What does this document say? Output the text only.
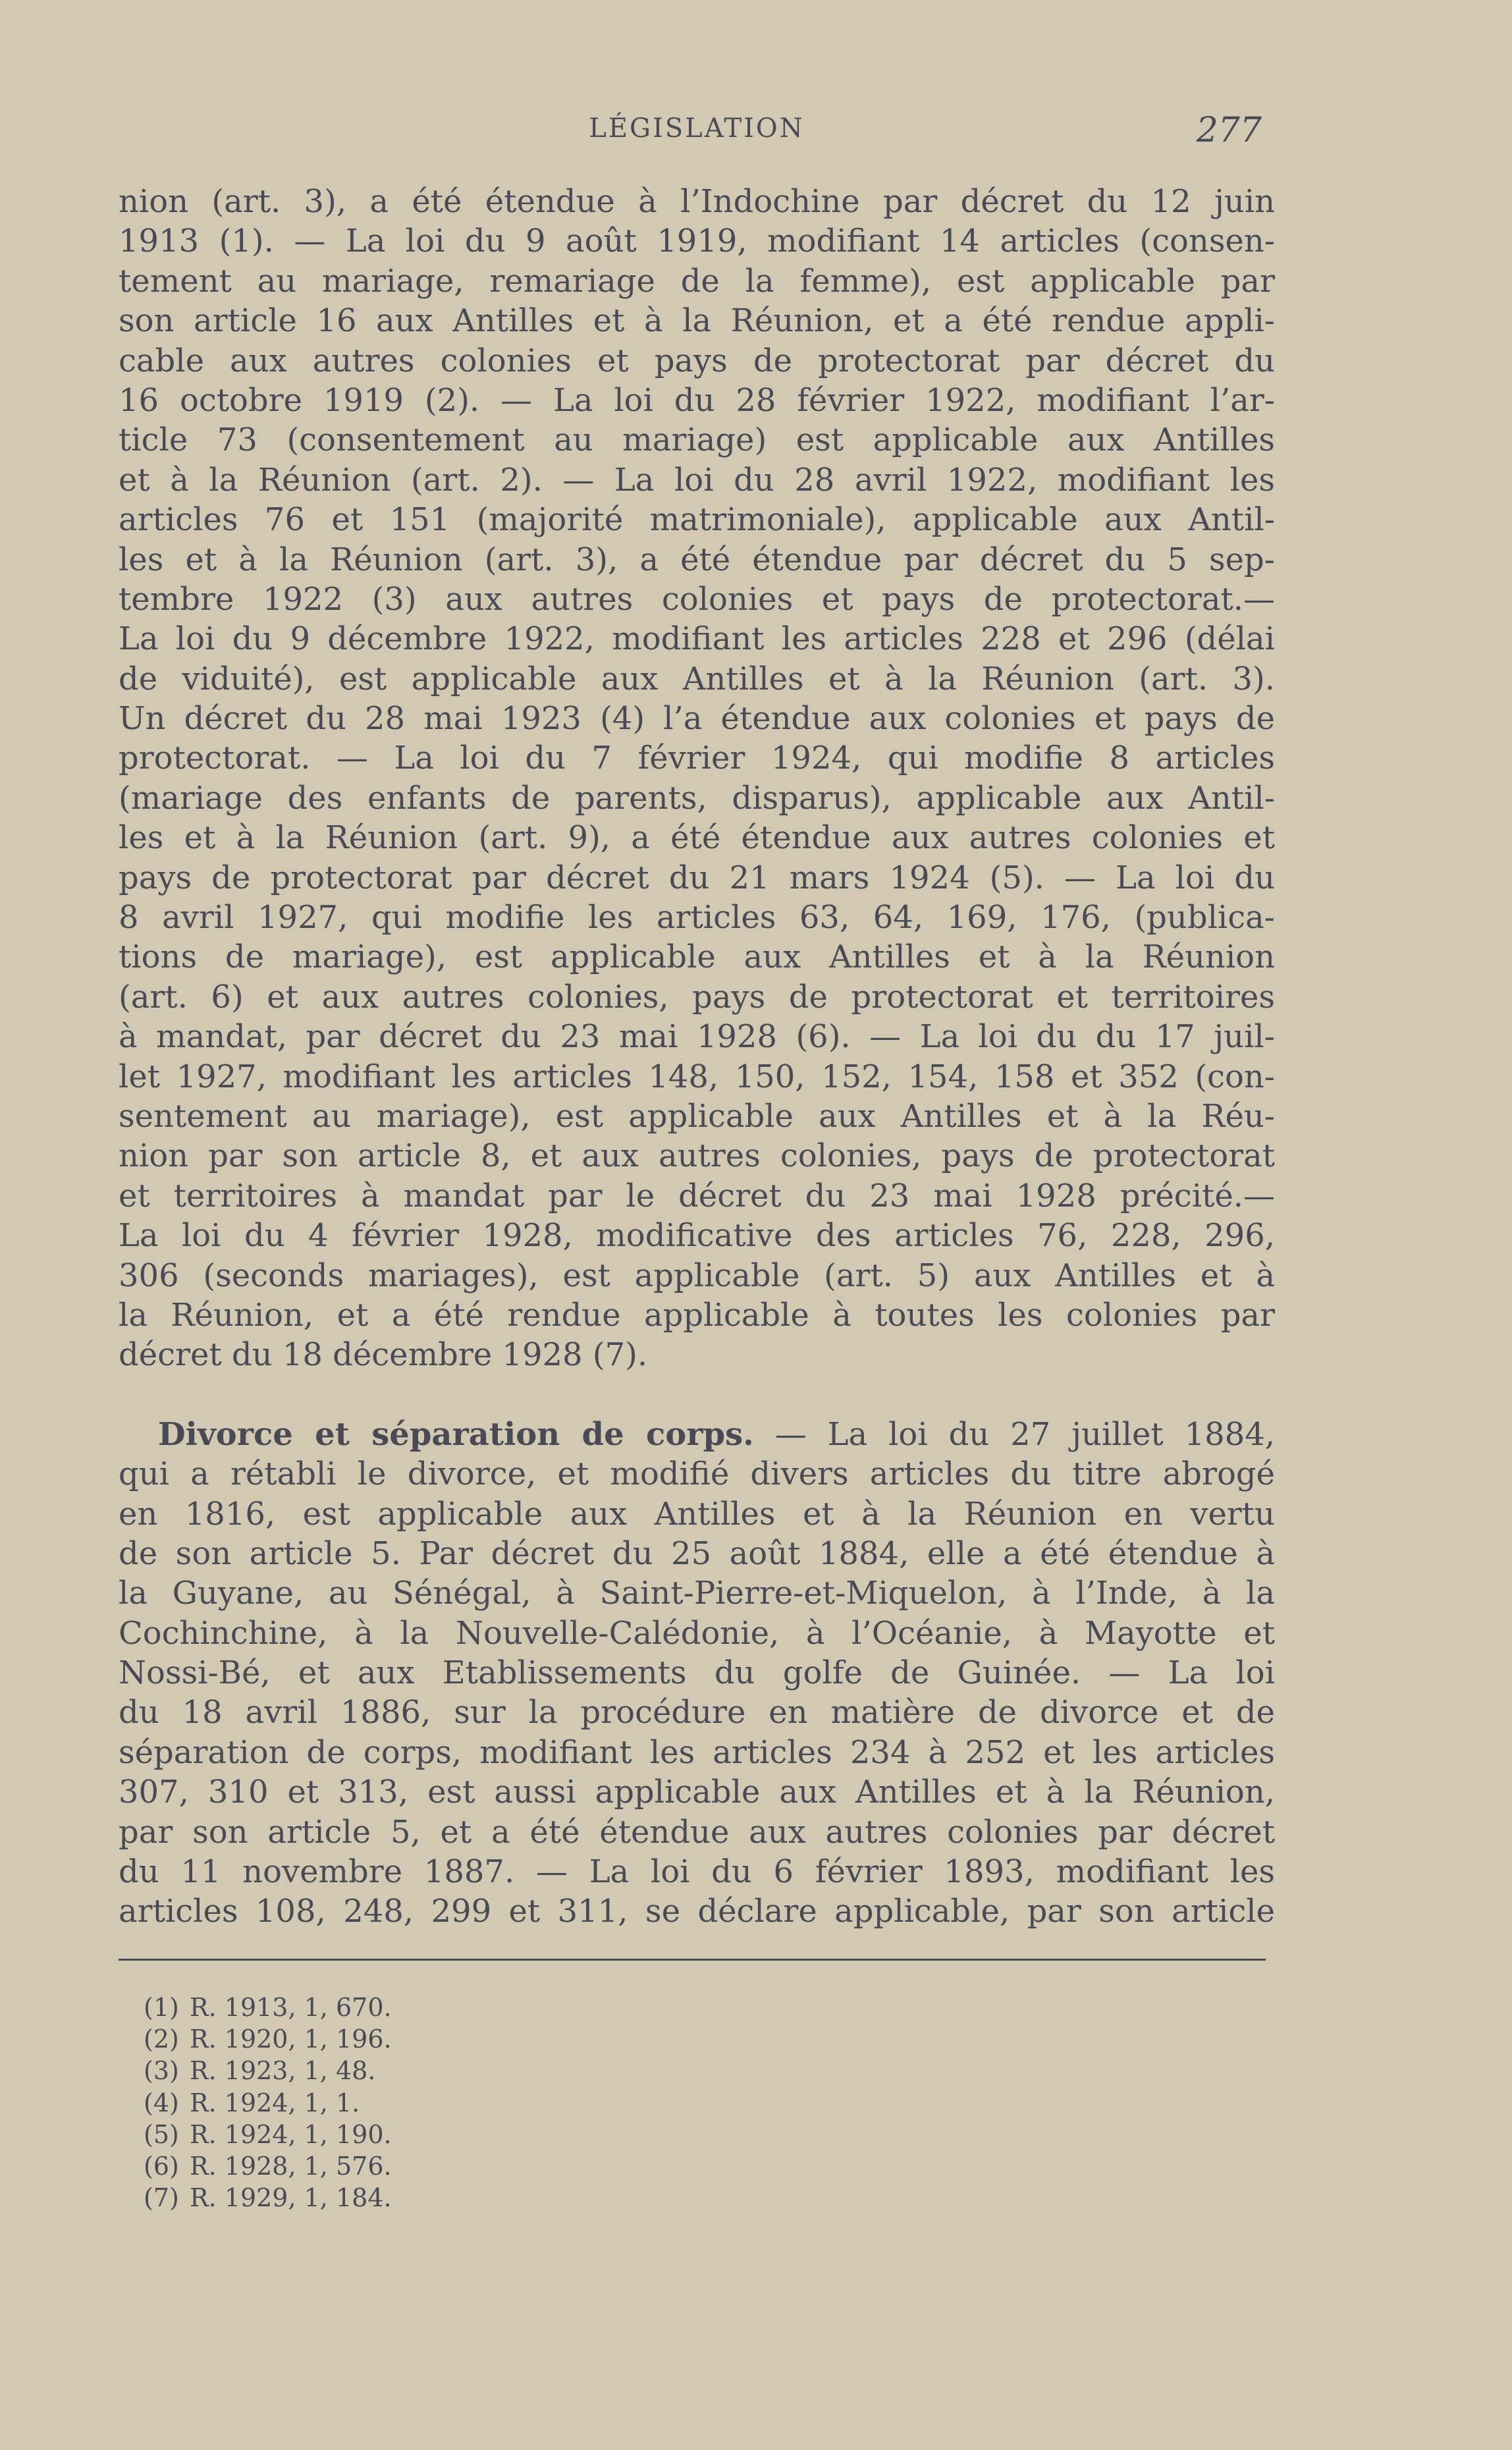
LÉGISLATION	277
nion (art. 3), a été étendue à l’Indochine par décret du 12 juin
1913 (1). — La loi du 9 août 1919, modifiant 14 articles (consen-
tement au mariage, remariage de la femme), est applicable par
son article 16 aux Antilles et à la Réunion, et a été rendue appli-
cable aux autres colonies et pays de protectorat par décret du
16 octobre 1919 (2). — La loi du 28 février 1922, modifiant l’ar-
ticle 73 (consentement au mariage) est applicable aux Antilles
et à la Réunion (art. 2). — La loi du 28 avril 1922, modifiant les
articles 76 et 151 (majorité matrimoniale), applicable aux Antil-
les et à la Réunion (art. 3), a été étendue par décret du 5 sep-
tembre 1922 (3) aux autres colonies et pays de protectorat.—
La loi du 9 décembre 1922, modifiant les articles 228 et 296 (délai
de viduité), est applicable aux Antilles et à la Réunion (art. 3).
Un décret du 28 mai 1923 (4) l’a étendue aux colonies et pays de
protectorat. — La loi du 7 février 1924, qui modifie 8 articles
(mariage des enfants de parents, disparus), applicable aux Antil-
les et à la Réunion (art. 9), a été étendue aux autres colonies et
pays de protectorat par décret du 21 mars 1924 (5). — La loi du
8 avril 1927, qui modifie les articles 63, 64, 169, 176, (publica-
tions de mariage), est applicable aux Antilles et à la Réunion
(art. 6) et aux autres colonies, pays de protectorat et territoires
à mandat, par décret du 23 mai 1928 (6). — La loi du du 17 juil-
let 1927, modifiant les articles 148, 150, 152, 154, 158 et 352 (con-
sentement au mariage), est applicable aux Antilles et à la Réu-
nion par son article 8, et aux autres colonies, pays de protectorat
et territoires à mandat par le décret du 23 mai 1928 précité.—
La loi du 4 février 1928, modificative des articles 76, 228, 296,
306 (seconds mariages), est applicable (art. 5) aux Antilles et à
la Réunion, et a été rendue applicable à toutes les colonies par
décret du 18 décembre 1928 (7).
Divorce et séparation de corps. — La loi du 27 juillet 1884,
qui a rétabli le divorce, et modifié divers articles du titre abrogé
en 1816, est applicable aux Antilles et à la Réunion en vertu
de son article 5. Par décret du 25 août 1884, elle a été étendue à
la Guyane, au Sénégal, à Saint-Pierre-et-Miquelon, à l’Inde, à la
Cochinchine, à la Nouvelle-Calédonie, à l’Océanie, à Mayotte et
Nossi-Bé, et aux Etablissements du golfe de Guinée. — La loi
du 18 avril 1886, sur la procédure en matière de divorce et de
séparation de corps, modifiant les articles 234 à 252 et les articles
307, 310 et 313, est aussi applicable aux Antilles et à la Réunion,
par son article 5, et a été étendue aux autres colonies par décret
du 11 novembre 1887. — La loi du 6 février 1893, modifiant les
articles 108, 248, 299 et 311, se déclare applicable, par son article
(1) R. 1913, 1, 670.
(2) R. 1920, 1, 196.
(3) R. 1923, 1, 48.
(4) R. 1924, 1, 1.
(5) R. 1924, 1, 190.
(6) R. 1928, 1, 576.
(7) R. 1929, 1, 184.
